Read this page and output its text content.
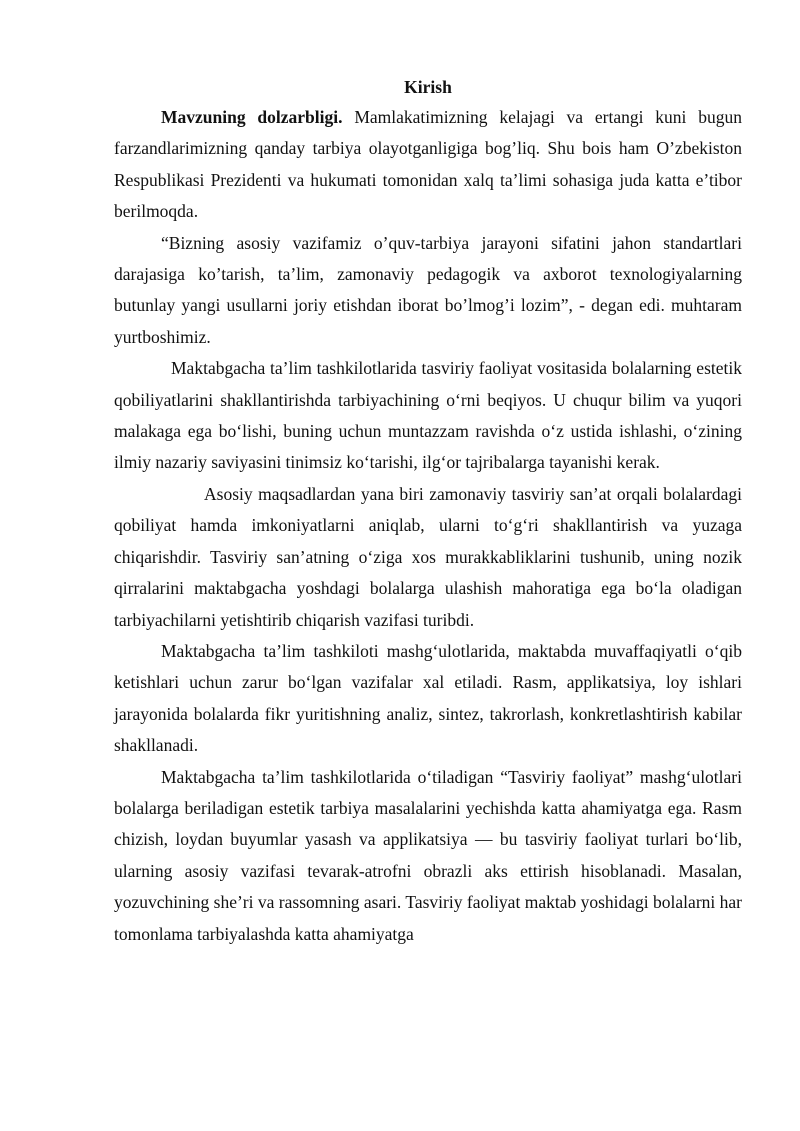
Kirish

Mavzuning dolzarbligi. Mamlakatimizning kelajagi va ertangi kuni bugun farzandlarimizning qanday tarbiya olayotganligiga bog’liq. Shu bois ham O’zbekiston Respublikasi Prezidenti va hukumati tomonidan xalq ta’limi sohasiga juda katta e’tibor berilmoqda.

“Bizning asosiy vazifamiz o’quv-tarbiya jarayoni sifatini jahon standartlari darajasiga ko’tarish, ta’lim, zamonaviy pedagogik va axborot texnologiyalarning butunlay yangi usullarni joriy etishdan iborat bo’lmog’i lozim”, - degan edi. muhtaram yurtboshimiz.

Maktabgacha ta’lim tashkilotlarida tasviriy faoliyat vositasida bolalarning estetik qobiliyatlarini shakllantirishda tarbiyachining o‘rni beqiyos. U chuqur bilim va yuqori malakaga ega bo‘lishi, buning uchun muntazzam ravishda o‘z ustida ishlashi, o‘zining ilmiy nazariy saviyasini tinimsiz ko‘tarishi, ilg‘or tajribalarga tayanishi kerak.

Asosiy maqsadlardan yana biri zamonaviy tasviriy san’at orqali bolalardagi qobiliyat hamda imkoniyatlarni aniqlab, ularni to‘g‘ri shakllantirish va yuzaga chiqarishdir. Tasviriy san’atning o‘ziga xos murakkabliklarini tushunib, uning nozik qirralarini maktabgacha yoshdagi bolalarga ulashish mahoratiga ega bo‘la oladigan tarbiyachilarni yetishtirib chiqarish vazifasi turibdi.

Maktabgacha ta’lim tashkiloti mashg‘ulotlarida, maktabda muvaffaqiyatli o‘qib ketishlari uchun zarur bo‘lgan vazifalar xal etiladi. Rasm, applikatsiya, loy ishlari jarayonida bolalarda fikr yuritishning analiz, sintez, takrorlash, konkretlashtirish kabilar shakllanadi.

Maktabgacha ta’lim tashkilotlarida o‘tiladigan “Tasviriy faoliyat” mashg‘ulotlari bolalarga beriladigan estetik tarbiya masalalarini yechishda katta ahamiyatga ega. Rasm chizish, loydan buyumlar yasash va applikatsiya — bu tasviriy faoliyat turlari bo‘lib, ularning asosiy vazifasi tevarak-atrofni obrazli aks ettirish hisoblanadi. Masalan, yozuvchining she’ri va rassomning asari. Tasviriy faoliyat maktab yoshidagi bolalarni har tomonlama tarbiyalashda katta ahamiyatga
